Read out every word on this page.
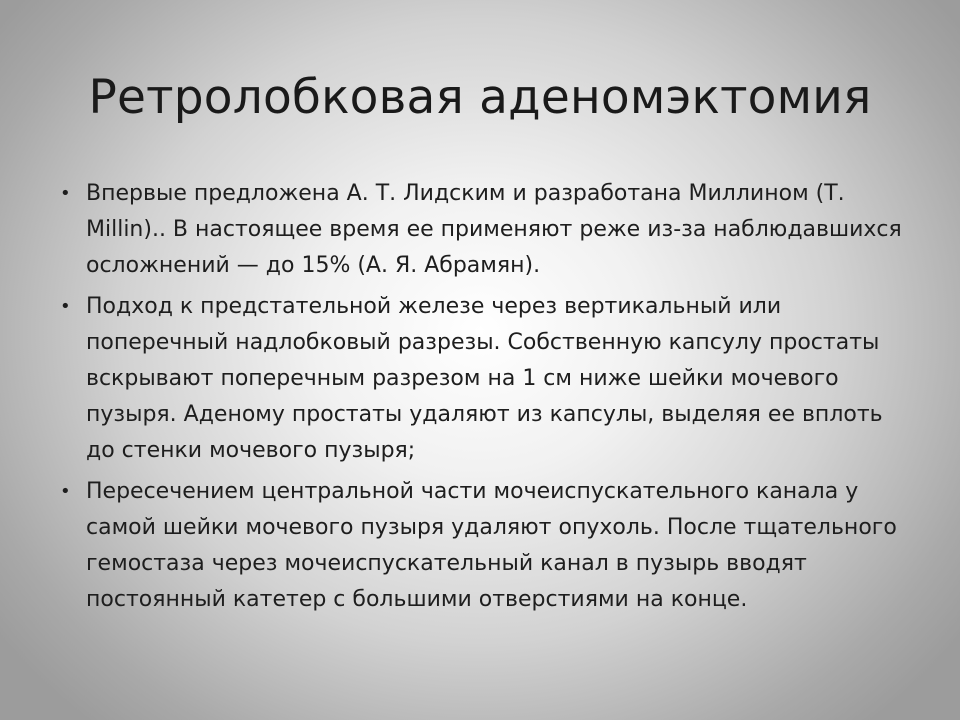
Ретролобковая аденомэктомия
• Впервые предложена А. Т. Лидским и разработана Миллином (Т. Millin).. В настоящее время ее применяют реже из-за наблюдавшихся осложнений — до 15% (А. Я. Абрамян).
• Подход к предстательной железе через вертикальный или поперечный надлобковый разрезы. Собственную капсулу простаты вскрывают поперечным разрезом на 1 см ниже шейки мочевого пузыря. Аденому простаты удаляют из капсулы, выделяя ее вплоть до стенки мочевого пузыря;
• Пересечением центральной части мочеиспускательного канала у самой шейки мочевого пузыря удаляют опухоль. После тщательного гемостаза через мочеиспускательный канал в пузырь вводят постоянный катетер с большими отверстиями на конце.
